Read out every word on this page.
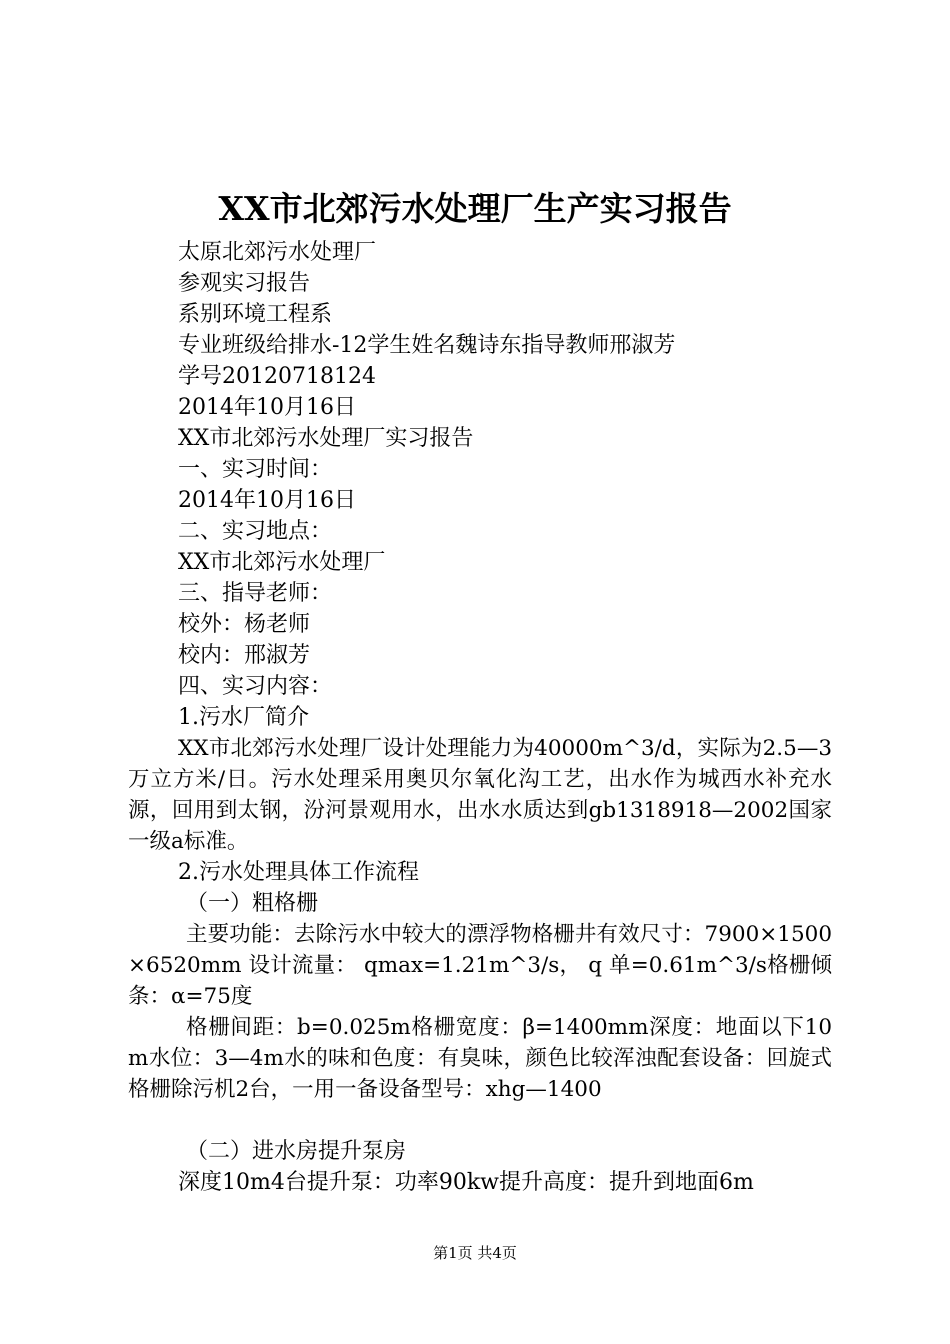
XX市北郊污水处理厂生产实习报告
太原北郊污水处理厂
参观实习报告
系别环境工程系
专业班级给排水-12学生姓名魏诗东指导教师邢淑芳
学号20120718124
2014年10月16日
XX市北郊污水处理厂实习报告
一、实习时间：
2014年10月16日
二、实习地点：
XX市北郊污水处理厂
三、指导老师：
校外：杨老师
校内：邢淑芳
四、实习内容：
1.污水厂简介
XX市北郊污水处理厂设计处理能力为40000m^3/d，实际为2.5—3万立方米/日。污水处理采用奥贝尔氧化沟工艺，出水作为城西水补充水源，回用到太钢，汾河景观用水，出水水质达到gb1318918—2002国家一级a标准。
2.污水处理具体工作流程
（一）粗格栅
主要功能：去除污水中较大的漂浮物格栅井有效尺寸：7900×1500×6520mm 设计流量： qmax=1.21m^3/s， q 单=0.61m^3/s格栅倾条：α=75度
格栅间距：b=0.025m格栅宽度：β=1400mm深度：地面以下10m水位：3—4m水的味和色度：有臭味，颜色比较浑浊配套设备：回旋式格栅除污机2台，一用一备设备型号：xhg—1400
（二）进水房提升泵房
深度10m4台提升泵：功率90kw提升高度：提升到地面6m
第1页 共4页
